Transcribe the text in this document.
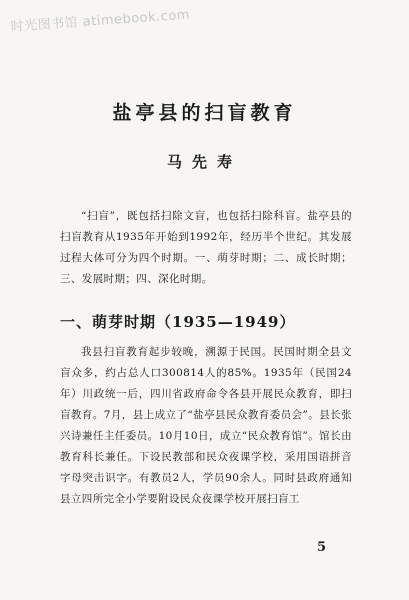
时光图书馆 atimebook.com
盐亭县的扫盲教育
马先寿
“扫盲”，既包括扫除文盲，也包括扫除科盲。盐亭县的扫盲教育从1935年开始到1992年，经历半个世纪。其发展过程大体可分为四个时期。一、萌芽时期；二、成长时期；三、发展时期；四、深化时期。
一、萌芽时期（1935—1949）
我县扫盲教育起步较晚，溯源于民国。民国时期全县文盲众多，约占总人口300814人的85%。1935年（民国24年）川政统一后，四川省政府命令各县开展民众教育，即扫盲教育。7月，县上成立了“盐亭县民众教育委员会”。县长张兴诗兼任主任委员。10月10日，成立“民众教育馆”。馆长由教育科长兼任。下设民教部和民众夜课学校，采用国语拼音字母突击识字。有教员2人，学员90余人。同时县政府通知县立四所完全小学要附设民众夜课学校开展扫盲工
5
